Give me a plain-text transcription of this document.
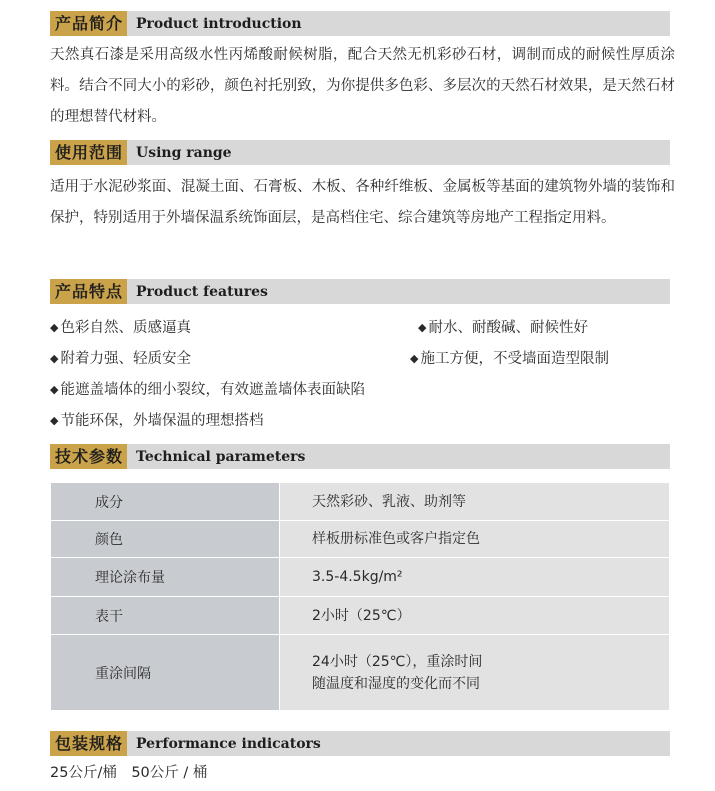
产品简介 Product introduction
天然真石漆是采用高级水性丙烯酸耐候树脂，配合天然无机彩砂石材，调制而成的耐候性厚质涂料。结合不同大小的彩砂，颜色衬托别致，为你提供多色彩、多层次的天然石材效果，是天然石材的理想替代材料。
使用范围 Using range
适用于水泥砂浆面、混凝土面、石膏板、木板、各种纤维板、金属板等基面的建筑物外墙的装饰和保护，特别适用于外墙保温系统饰面层，是高档住宅、综合建筑等房地产工程指定用料。
产品特点 Product features
◆ 色彩自然、质感逼真	◆ 耐水、耐酸碱、耐候性好
◆ 附着力强、轻质安全	◆ 施工方便，不受墙面造型限制
◆ 能遮盖墙体的细小裂纹，有效遮盖墙体表面缺陷
◆ 节能环保，外墙保温的理想搭档
技术参数 Technical parameters
成分	天然彩砂、乳液、助剂等
颜色	样板册标准色或客户指定色
理论涂布量	3.5-4.5kg/m²
表干	2小时（25℃）
重涂间隔	24小时（25℃），重涂时间
随温度和湿度的变化而不同
包装规格 Performance indicators
25公斤/桶　50公斤 / 桶
